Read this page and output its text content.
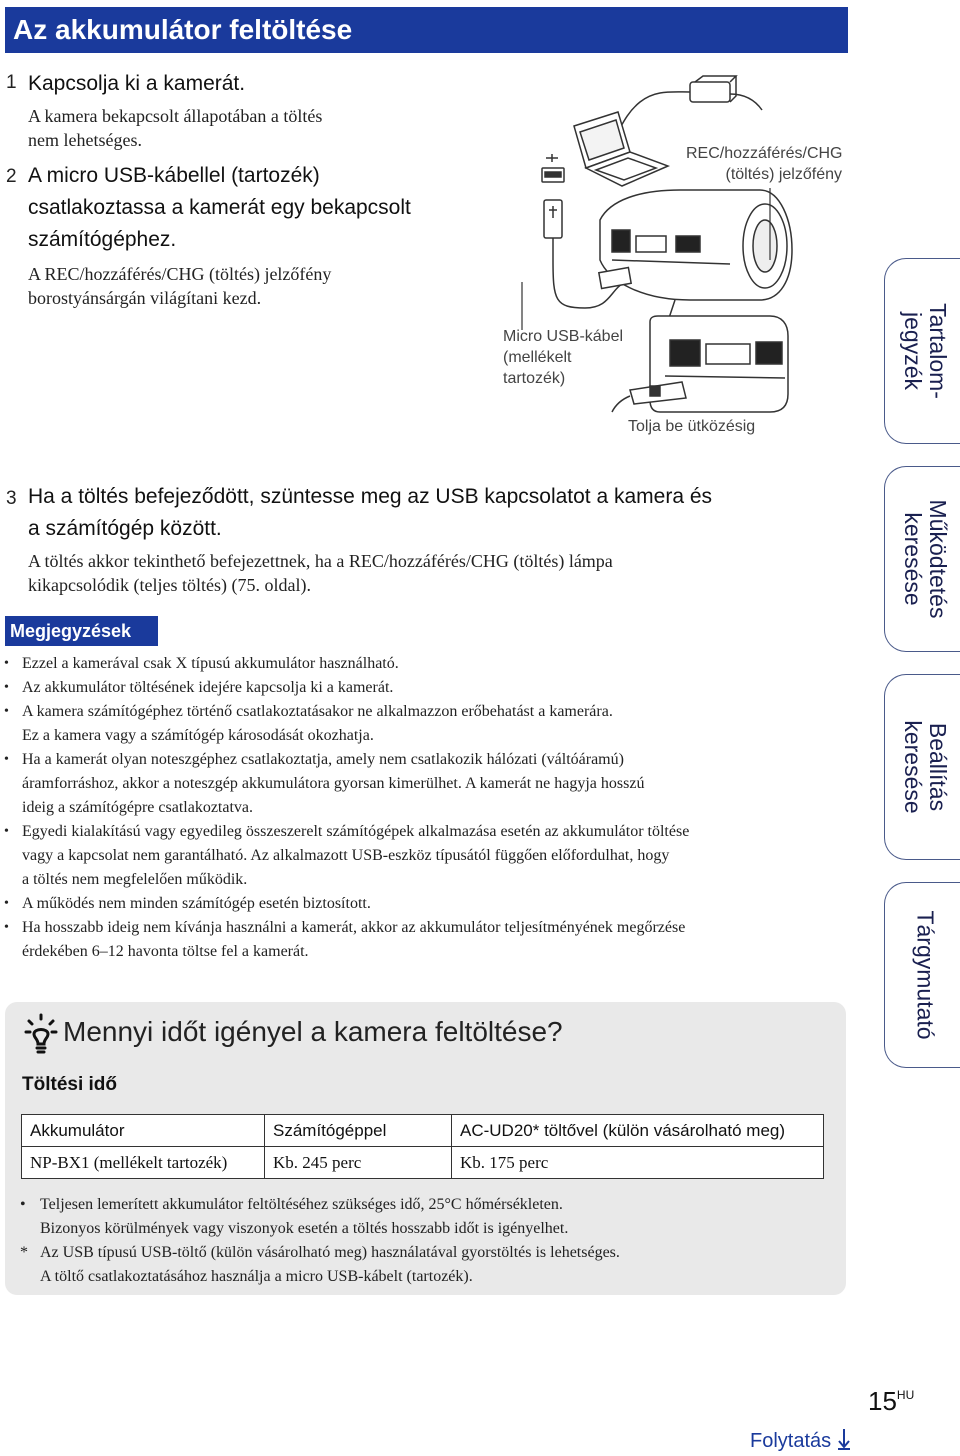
Az akkumulátor feltöltése
1 Kapcsolja ki a kamerát.
A kamera bekapcsolt állapotában a töltés
nem lehetséges.
2 A micro USB-kábellel (tartozék)
csatlakoztassa a kamerát egy bekapcsolt
számítógéphez.
A REC/hozzáférés/CHG (töltés) jelzőfény
borostyánsárgán világítani kezd.
REC/hozzáférés/CHG
(töltés) jelzőfény
Micro USB-kábel
(mellékelt
tartozék)
Tolja be ütközésig
3 Ha a töltés befejeződött, szüntesse meg az USB kapcsolatot a kamera és
a számítógép között.
A töltés akkor tekinthető befejezettnek, ha a REC/hozzáférés/CHG (töltés) lámpa
kikapcsolódik (teljes töltés) (75. oldal).
Tartalom-
jegyzék
Működtetés
keresése
Beállítás
keresése
Tárgymutató
Megjegyzések
• Ezzel a kamerával csak X típusú akkumulátor használható.
• Az akkumulátor töltésének idejére kapcsolja ki a kamerát.
• A kamera számítógéphez történő csatlakoztatásakor ne alkalmazzon erőbehatást a kamerára.
Ez a kamera vagy a számítógép károsodását okozhatja.
• Ha a kamerát olyan noteszgéphez csatlakoztatja, amely nem csatlakozik hálózati (váltóáramú)
áramforráshoz, akkor a noteszgép akkumulátora gyorsan kimerülhet. A kamerát ne hagyja hosszú
ideig a számítógépre csatlakoztatva.
• Egyedi kialakítású vagy egyedileg összeszerelt számítógépek alkalmazása esetén az akkumulátor töltése
vagy a kapcsolat nem garantálható. Az alkalmazott USB-eszköz típusától függően előfordulhat, hogy
a töltés nem megfelelően működik.
• A működés nem minden számítógép esetén biztosított.
• Ha hosszabb ideig nem kívánja használni a kamerát, akkor az akkumulátor teljesítményének megőrzése
érdekében 6–12 havonta töltse fel a kamerát.
Mennyi időt igényel a kamera feltöltése?
Töltési idő
Akkumulátor	Számítógéppel	AC-UD20* töltővel (külön vásárolható meg)
NP-BX1 (mellékelt tartozék)	Kb. 245 perc	Kb. 175 perc
• Teljesen lemerített akkumulátor feltöltéséhez szükséges idő, 25°C hőmérsékleten.
Bizonyos körülmények vagy viszonyok esetén a töltés hosszabb időt is igényelhet.
* Az USB típusú USB-töltő (külön vásárolható meg) használatával gyorstöltés is lehetséges.
A töltő csatlakoztatásához használja a micro USB-kábelt (tartozék).
$15^{HU}$
Folytatás
